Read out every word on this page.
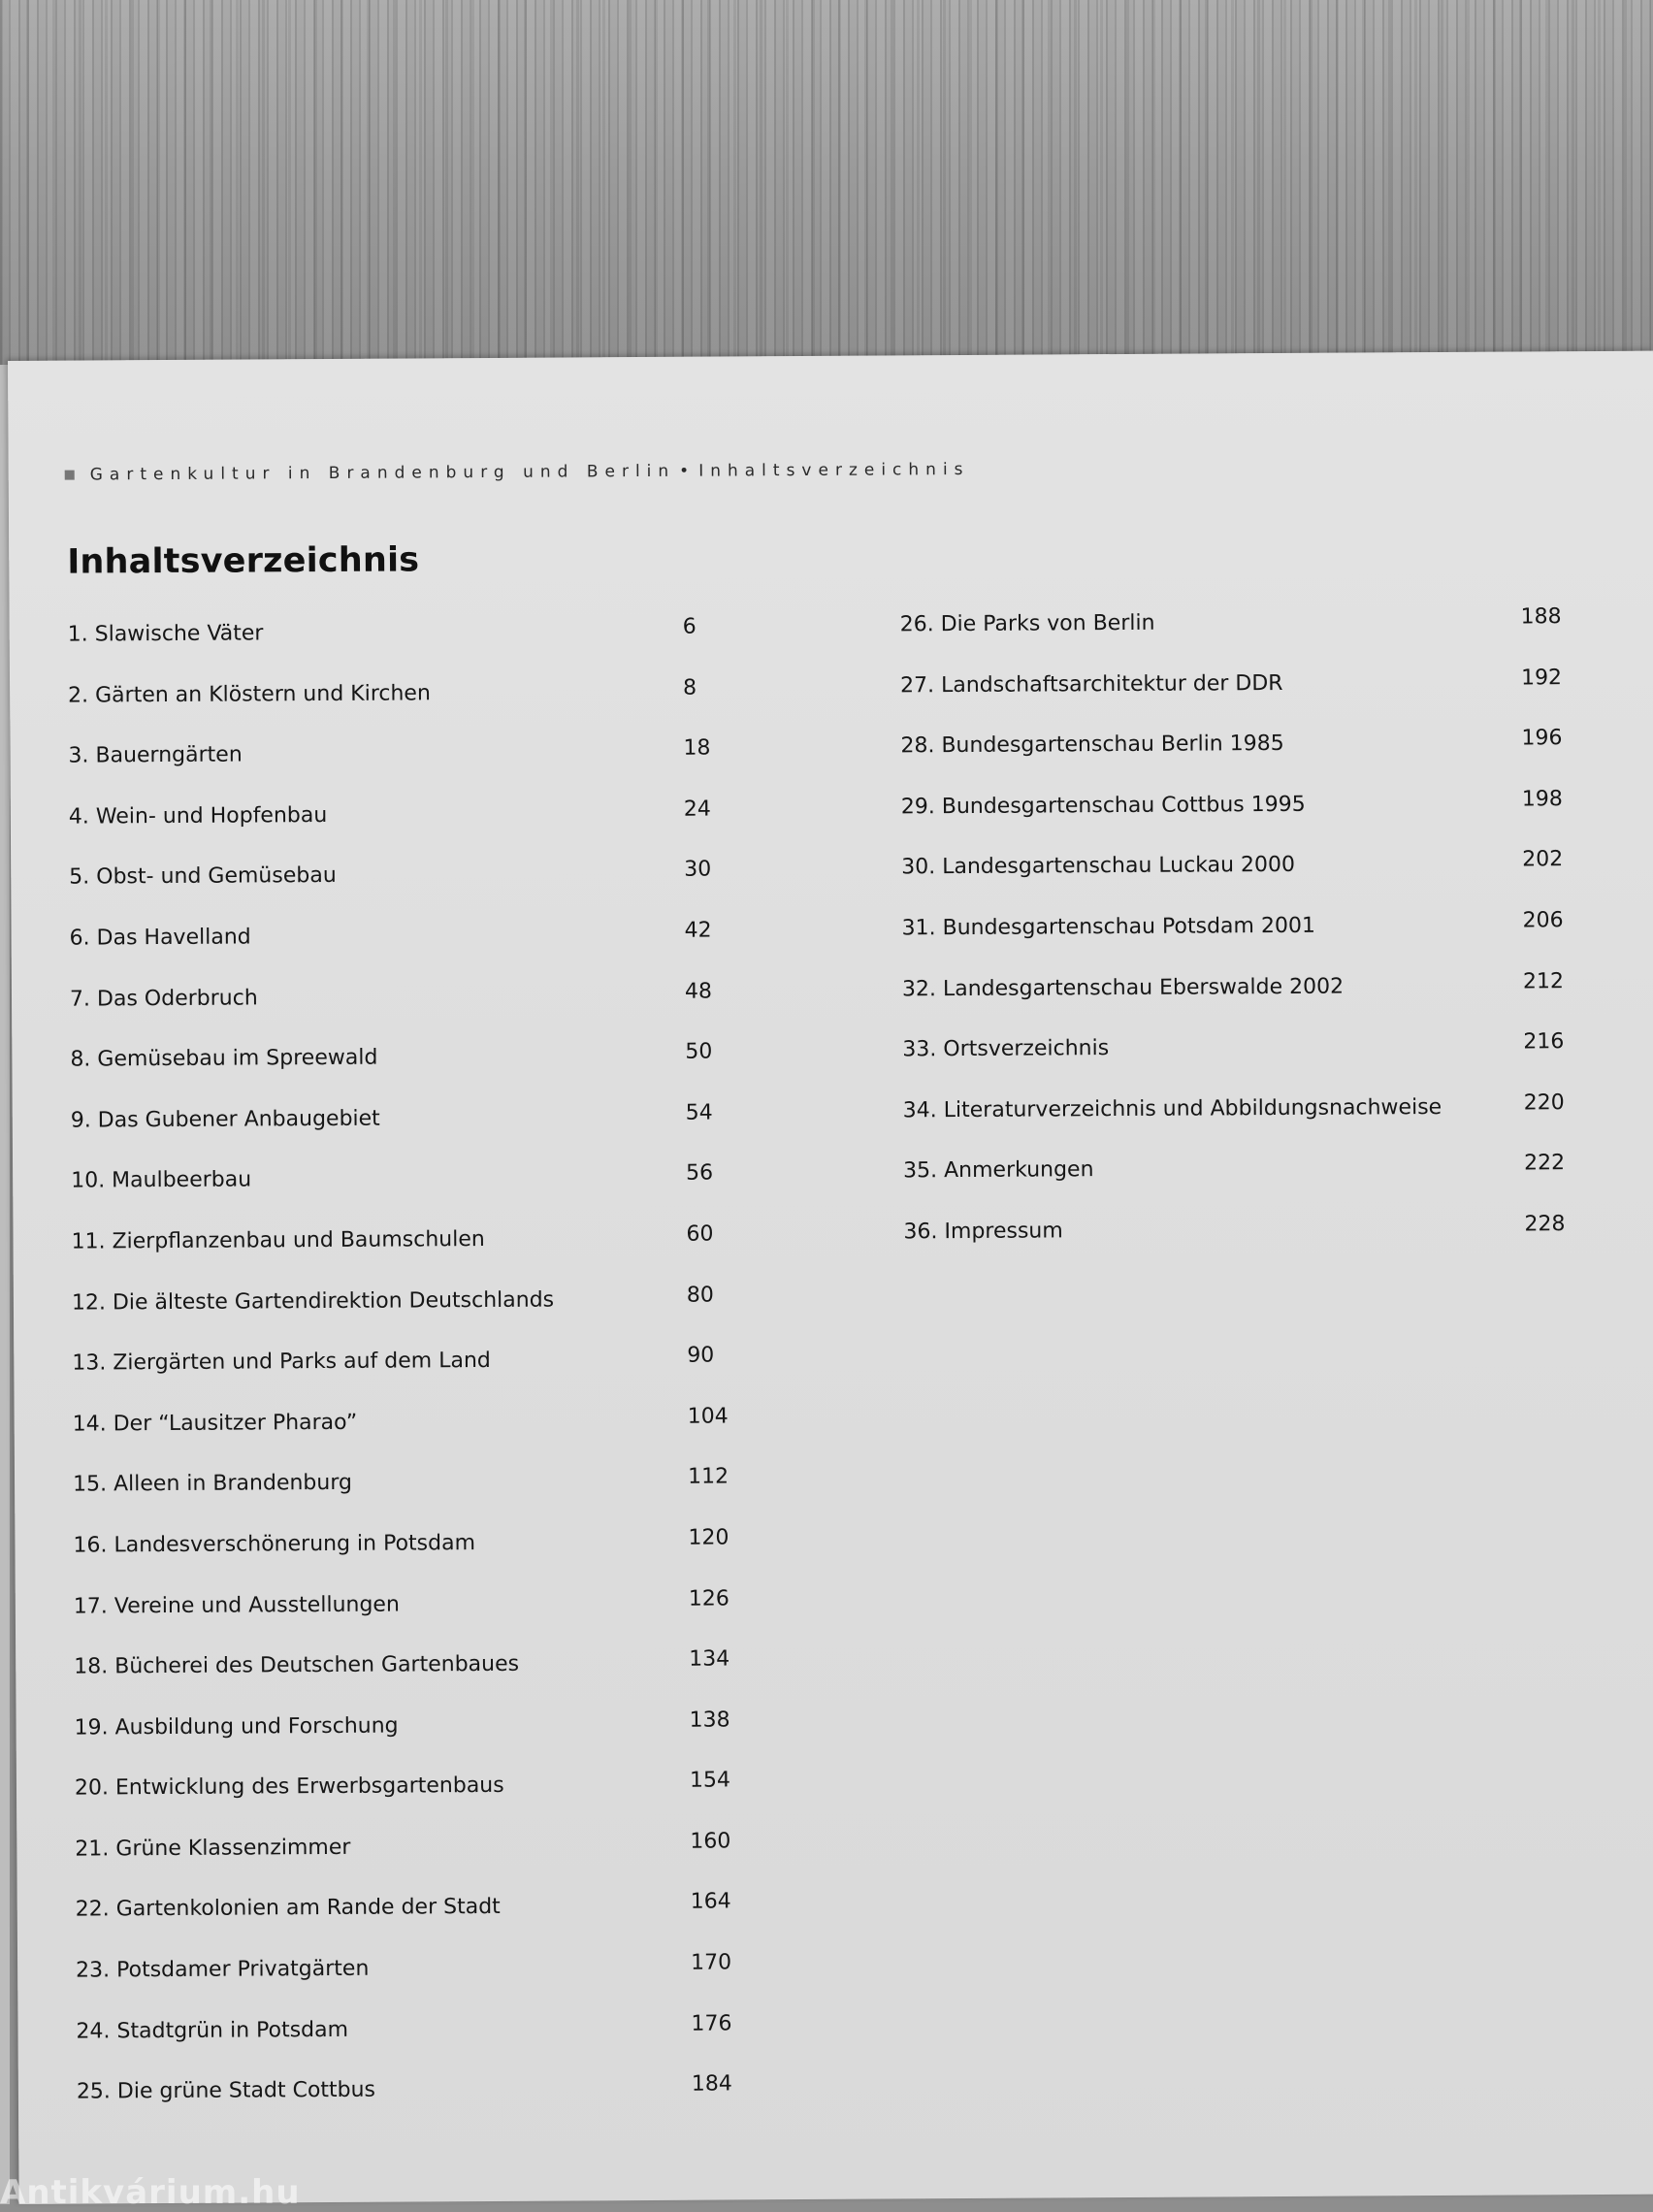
Gartenkultur in Brandenburg und Berlin • Inhaltsverzeichnis
Inhaltsverzeichnis
1. Slawische Väter	6
2. Gärten an Klöstern und Kirchen	8
3. Bauerngärten	18
4. Wein- und Hopfenbau	24
5. Obst- und Gemüsebau	30
6. Das Havelland	42
7. Das Oderbruch	48
8. Gemüsebau im Spreewald	50
9. Das Gubener Anbaugebiet	54
10. Maulbeerbau	56
11. Zierpflanzenbau und Baumschulen	60
12. Die älteste Gartendirektion Deutschlands	80
13. Ziergärten und Parks auf dem Land	90
14. Der “Lausitzer Pharao”	104
15. Alleen in Brandenburg	112
16. Landesverschönerung in Potsdam	120
17. Vereine und Ausstellungen	126
18. Bücherei des Deutschen Gartenbaues	134
19. Ausbildung und Forschung	138
20. Entwicklung des Erwerbsgartenbaus	154
21. Grüne Klassenzimmer	160
22. Gartenkolonien am Rande der Stadt	164
23. Potsdamer Privatgärten	170
24. Stadtgrün in Potsdam	176
25. Die grüne Stadt Cottbus	184
26. Die Parks von Berlin	188
27. Landschaftsarchitektur der DDR	192
28. Bundesgartenschau Berlin 1985	196
29. Bundesgartenschau Cottbus 1995	198
30. Landesgartenschau Luckau 2000	202
31. Bundesgartenschau Potsdam 2001	206
32. Landesgartenschau Eberswalde 2002	212
33. Ortsverzeichnis	216
34. Literaturverzeichnis und Abbildungsnachweise	220
35. Anmerkungen	222
36. Impressum	228
Antikvárium.hu
